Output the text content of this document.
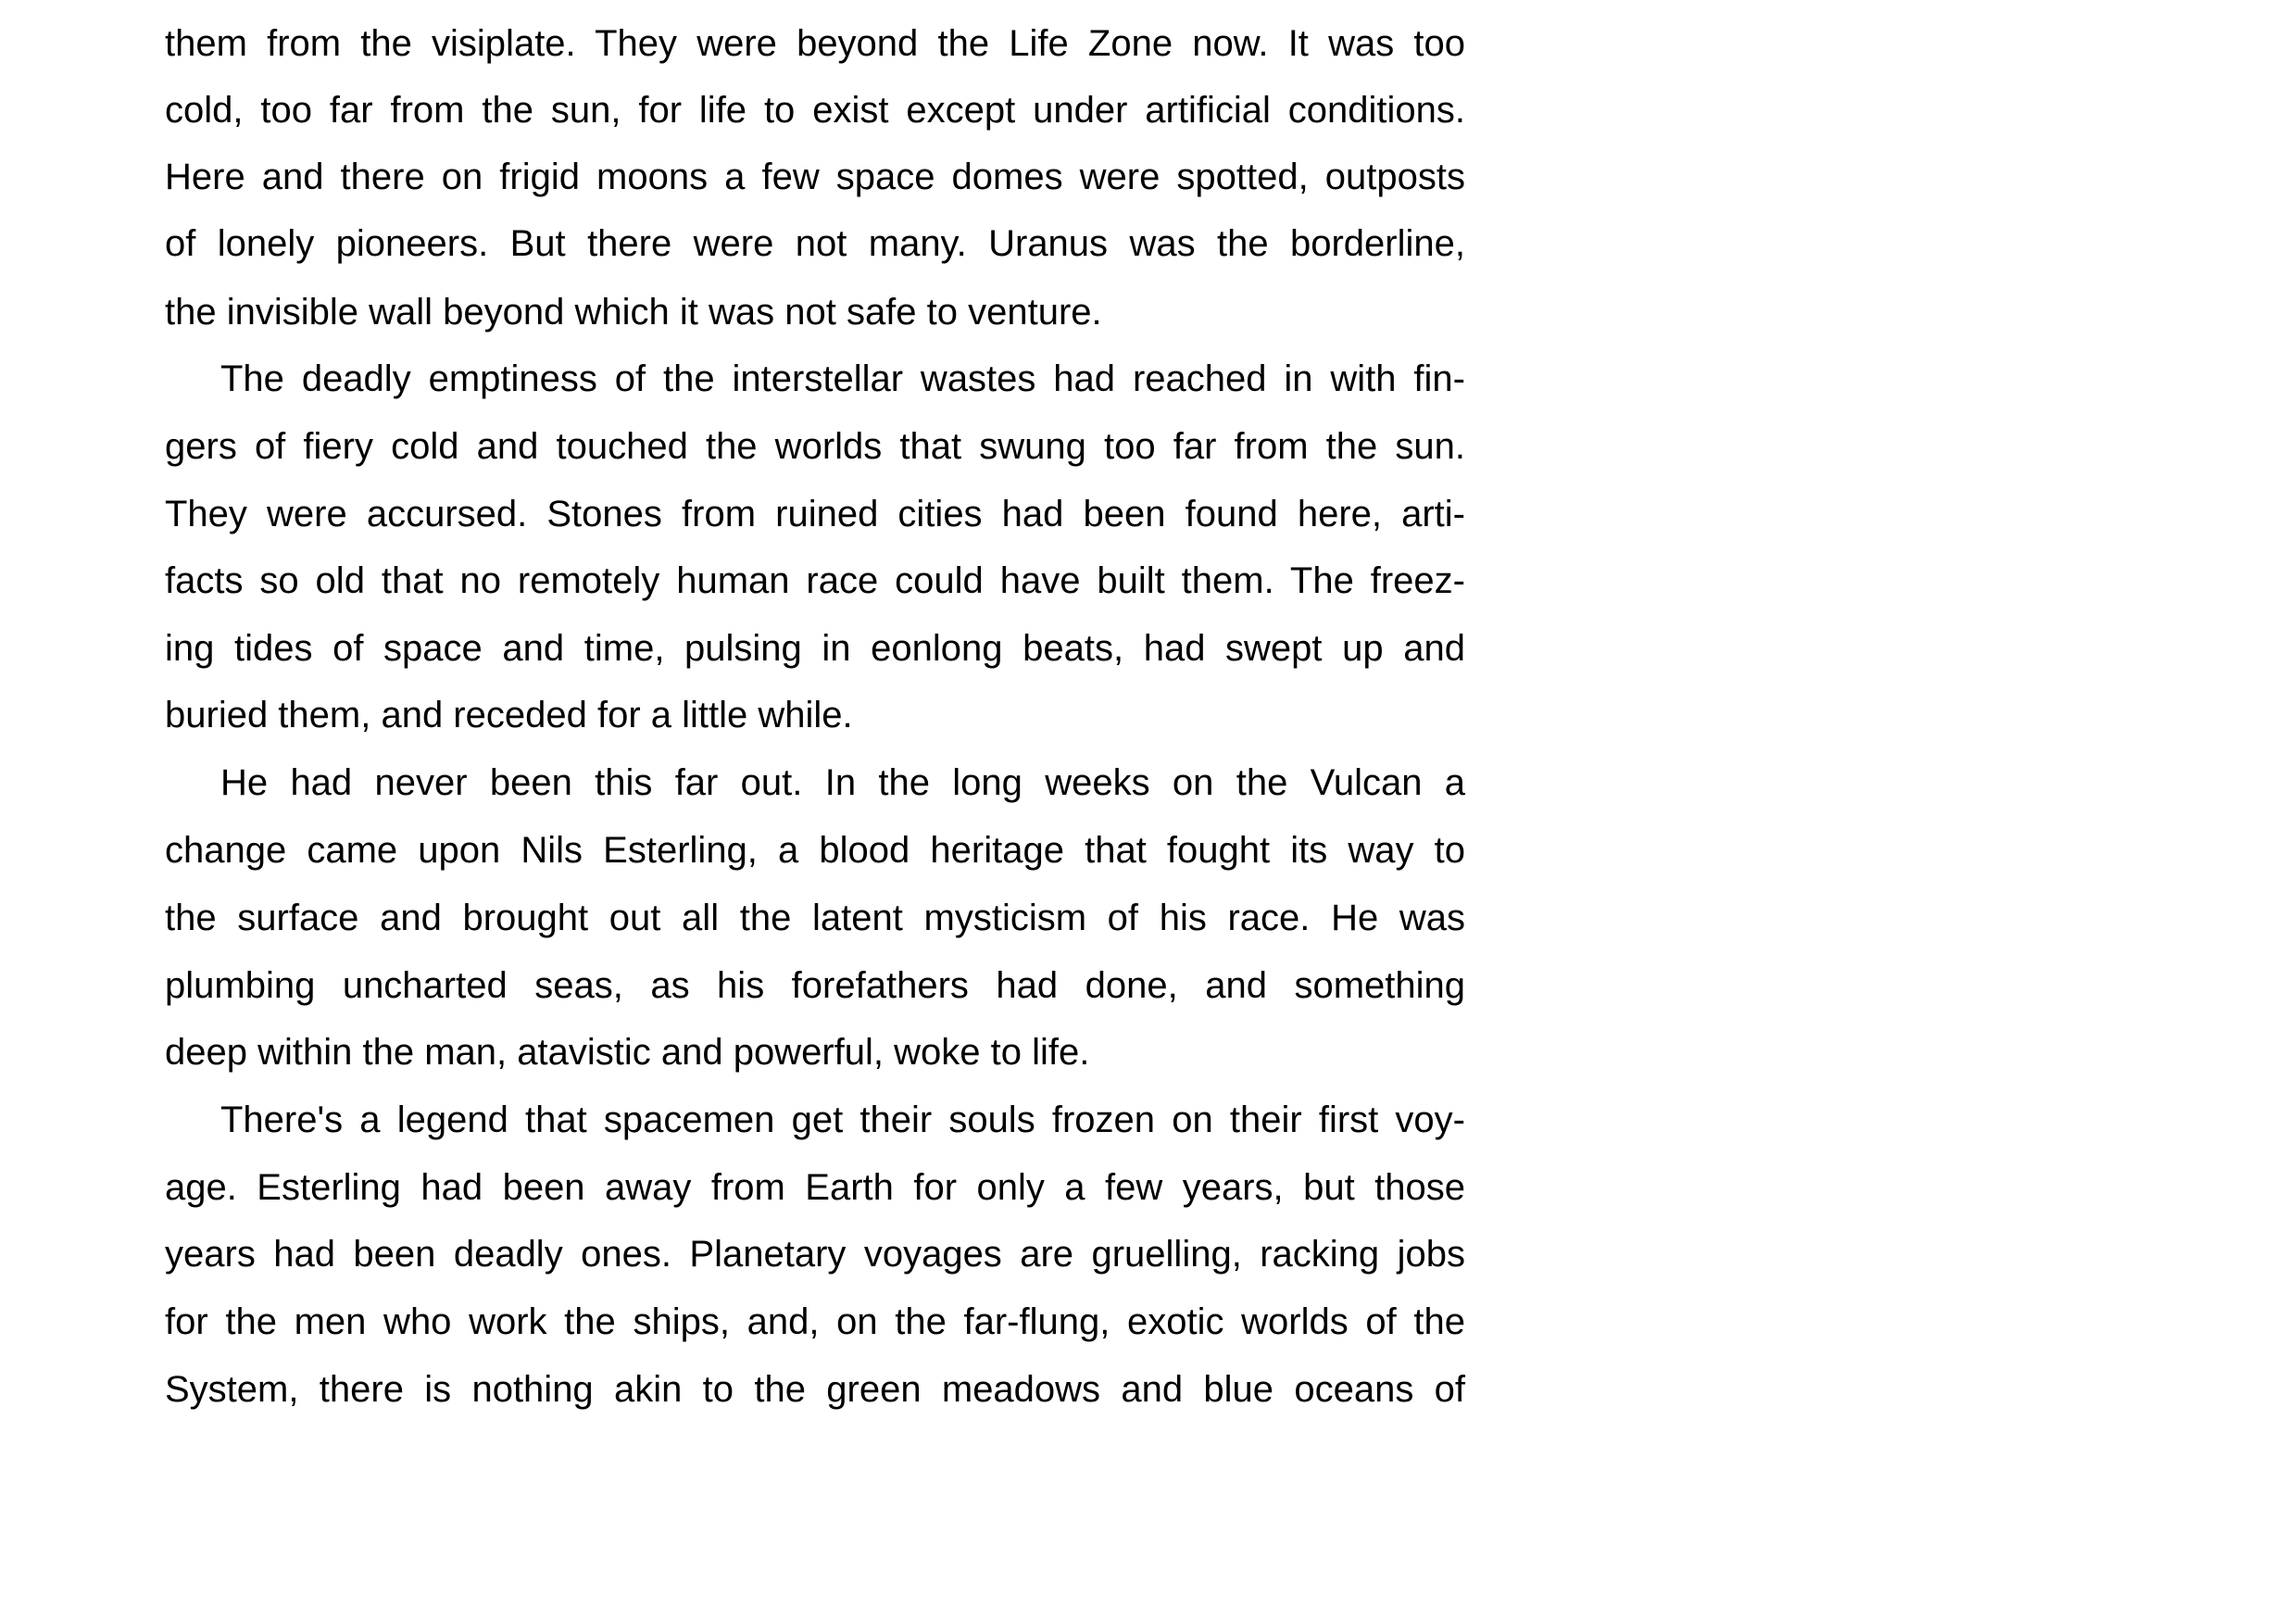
them from the visiplate. They were beyond the Life Zone now. It was too
cold, too far from the sun, for life to exist except under artificial conditions.
Here and there on frigid moons a few space domes were spotted, outposts
of lonely pioneers. But there were not many. Uranus was the borderline,
the invisible wall beyond which it was not safe to venture.
The deadly emptiness of the interstellar wastes had reached in with fin-
gers of fiery cold and touched the worlds that swung too far from the sun.
They were accursed. Stones from ruined cities had been found here, arti-
facts so old that no remotely human race could have built them. The freez-
ing tides of space and time, pulsing in eonlong beats, had swept up and
buried them, and receded for a little while.
He had never been this far out. In the long weeks on the Vulcan a
change came upon Nils Esterling, a blood heritage that fought its way to
the surface and brought out all the latent mysticism of his race. He was
plumbing uncharted seas, as his forefathers had done, and something
deep within the man, atavistic and powerful, woke to life.
There's a legend that spacemen get their souls frozen on their first voy-
age. Esterling had been away from Earth for only a few years, but those
years had been deadly ones. Planetary voyages are gruelling, racking jobs
for the men who work the ships, and, on the far-flung, exotic worlds of the
System, there is nothing akin to the green meadows and blue oceans of
